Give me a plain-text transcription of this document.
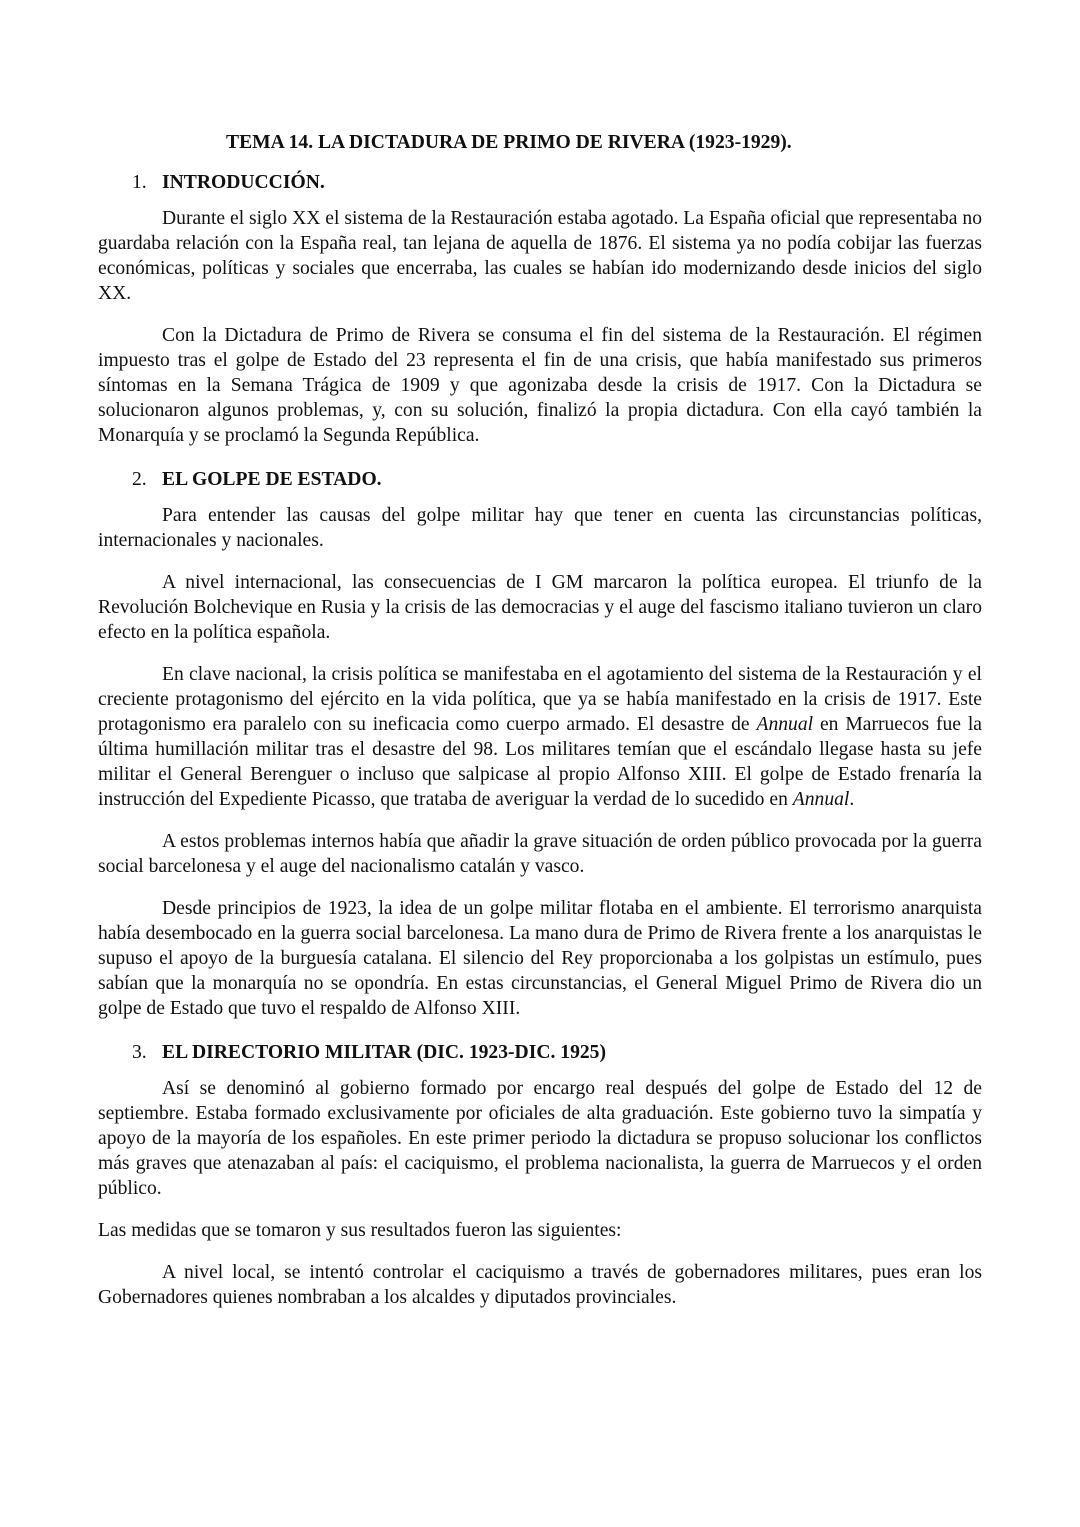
TEMA 14. LA DICTADURA DE PRIMO DE RIVERA (1923-1929).
1. INTRODUCCIÓN.

Durante el siglo XX el sistema de la Restauración estaba agotado. La España oficial que representaba no guardaba relación con la España real, tan lejana de aquella de 1876. El sistema ya no podía cobijar las fuerzas económicas, políticas y sociales que encerraba, las cuales se habían ido modernizando desde inicios del siglo XX.

Con la Dictadura de Primo de Rivera se consuma el fin del sistema de la Restauración. El régimen impuesto tras el golpe de Estado del 23 representa el fin de una crisis, que había manifestado sus primeros síntomas en la Semana Trágica de 1909 y que agonizaba desde la crisis de 1917. Con la Dictadura se solucionaron algunos problemas, y, con su solución, finalizó la propia dictadura. Con ella cayó también la Monarquía y se proclamó la Segunda República.

2. EL GOLPE DE ESTADO.

Para entender las causas del golpe militar hay que tener en cuenta las circunstancias políticas, internacionales y nacionales.

A nivel internacional, las consecuencias de I GM marcaron la política europea. El triunfo de la Revolución Bolchevique en Rusia y la crisis de las democracias y el auge del fascismo italiano tuvieron un claro efecto en la política española.

En clave nacional, la crisis política se manifestaba en el agotamiento del sistema de la Restauración y el creciente protagonismo del ejército en la vida política, que ya se había manifestado en la crisis de 1917. Este protagonismo era paralelo con su ineficacia como cuerpo armado. El desastre de Annual en Marruecos fue la última humillación militar tras el desastre del 98. Los militares temían que el escándalo llegase hasta su jefe militar el General Berenguer o incluso que salpicase al propio Alfonso XIII. El golpe de Estado frenaría la instrucción del Expediente Picasso, que trataba de averiguar la verdad de lo sucedido en Annual.

A estos problemas internos había que añadir la grave situación de orden público provocada por la guerra social barcelonesa y el auge del nacionalismo catalán y vasco.

Desde principios de 1923, la idea de un golpe militar flotaba en el ambiente. El terrorismo anarquista había desembocado en la guerra social barcelonesa. La mano dura de Primo de Rivera frente a los anarquistas le supuso el apoyo de la burguesía catalana. El silencio del Rey proporcionaba a los golpistas un estímulo, pues sabían que la monarquía no se opondría. En estas circunstancias, el General Miguel Primo de Rivera dio un golpe de Estado que tuvo el respaldo de Alfonso XIII.

3. EL DIRECTORIO MILITAR (DIC. 1923-DIC. 1925)

Así se denominó al gobierno formado por encargo real después del golpe de Estado del 12 de septiembre. Estaba formado exclusivamente por oficiales de alta graduación. Este gobierno tuvo la simpatía y apoyo de la mayoría de los españoles. En este primer periodo la dictadura se propuso solucionar los conflictos más graves que atenazaban al país: el caciquismo, el problema nacionalista, la guerra de Marruecos y el orden público.

Las medidas que se tomaron y sus resultados fueron las siguientes:

A nivel local, se intentó controlar el caciquismo a través de gobernadores militares, pues eran los Gobernadores quienes nombraban a los alcaldes y diputados provinciales.
